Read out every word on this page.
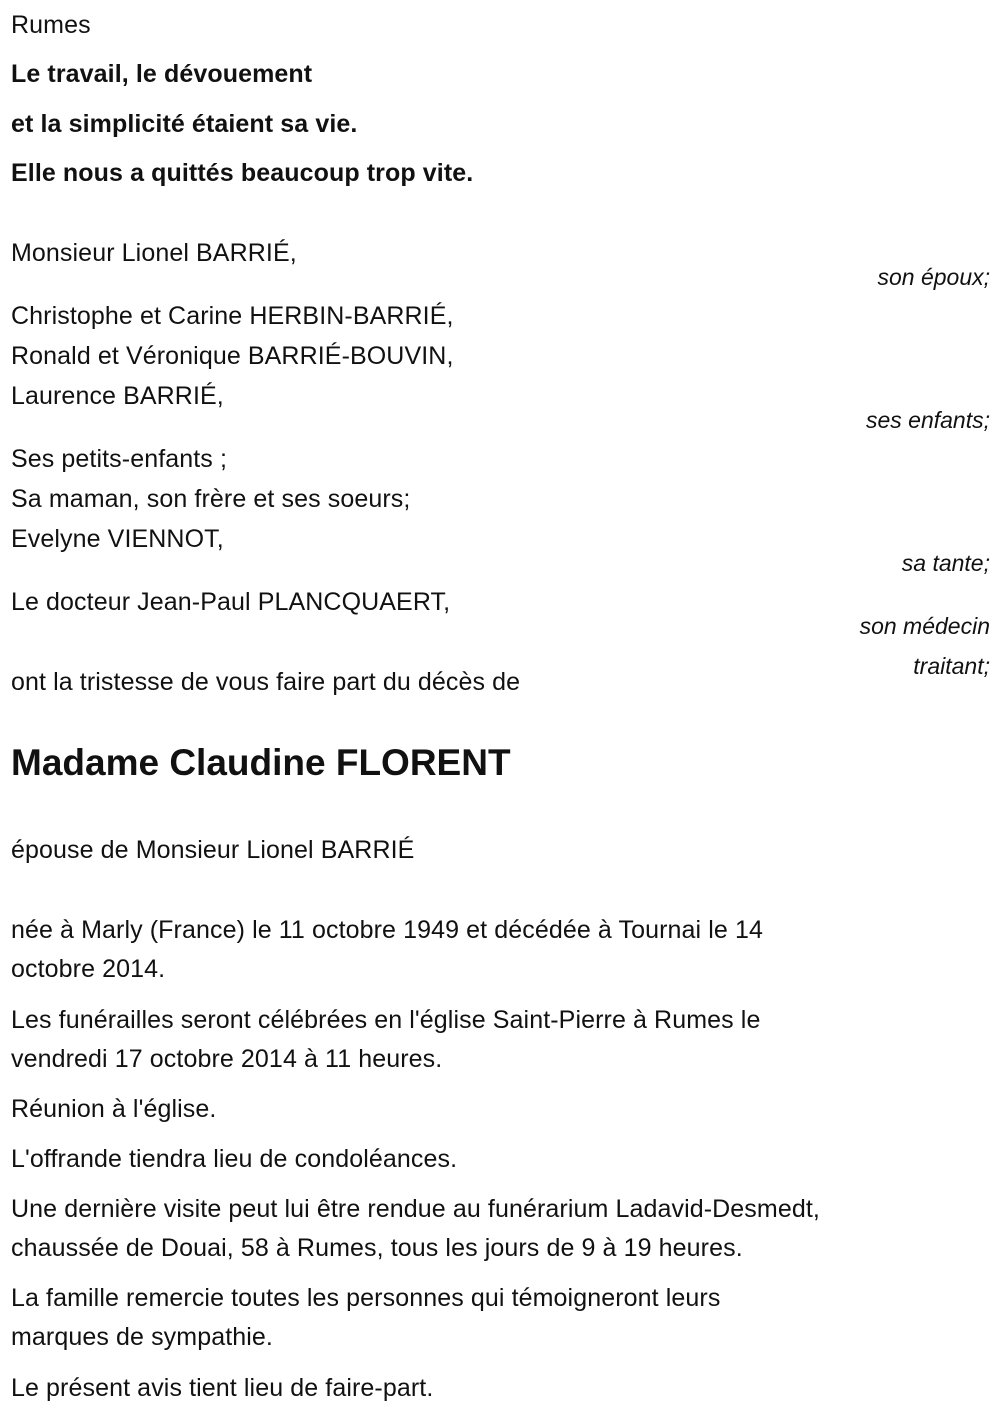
Rumes
Le travail, le dévouement
et la simplicité étaient sa vie.
Elle nous a quittés beaucoup trop vite.
Monsieur Lionel BARRIÉ,
son époux;
Christophe et Carine HERBIN-BARRIÉ,
Ronald et Véronique BARRIÉ-BOUVIN,
Laurence BARRIÉ,
ses enfants;
Ses petits-enfants ;
Sa maman, son frère et ses soeurs;
Evelyne VIENNOT,
sa tante;
Le docteur Jean-Paul PLANCQUAERT,
son médecin
traitant;
ont la tristesse de vous faire part du décès de
Madame Claudine FLORENT
épouse de Monsieur Lionel BARRIÉ
née à Marly (France) le 11 octobre 1949 et décédée à Tournai le 14
octobre 2014.
Les funérailles seront célébrées en l'église Saint-Pierre à Rumes le
vendredi 17 octobre 2014 à 11 heures.
Réunion à l'église.
L'offrande tiendra lieu de condoléances.
Une dernière visite peut lui être rendue au funérarium Ladavid-Desmedt,
chaussée de Douai, 58 à Rumes, tous les jours de 9 à 19 heures.
La famille remercie toutes les personnes qui témoigneront leurs
marques de sympathie.
Le présent avis tient lieu de faire-part.
